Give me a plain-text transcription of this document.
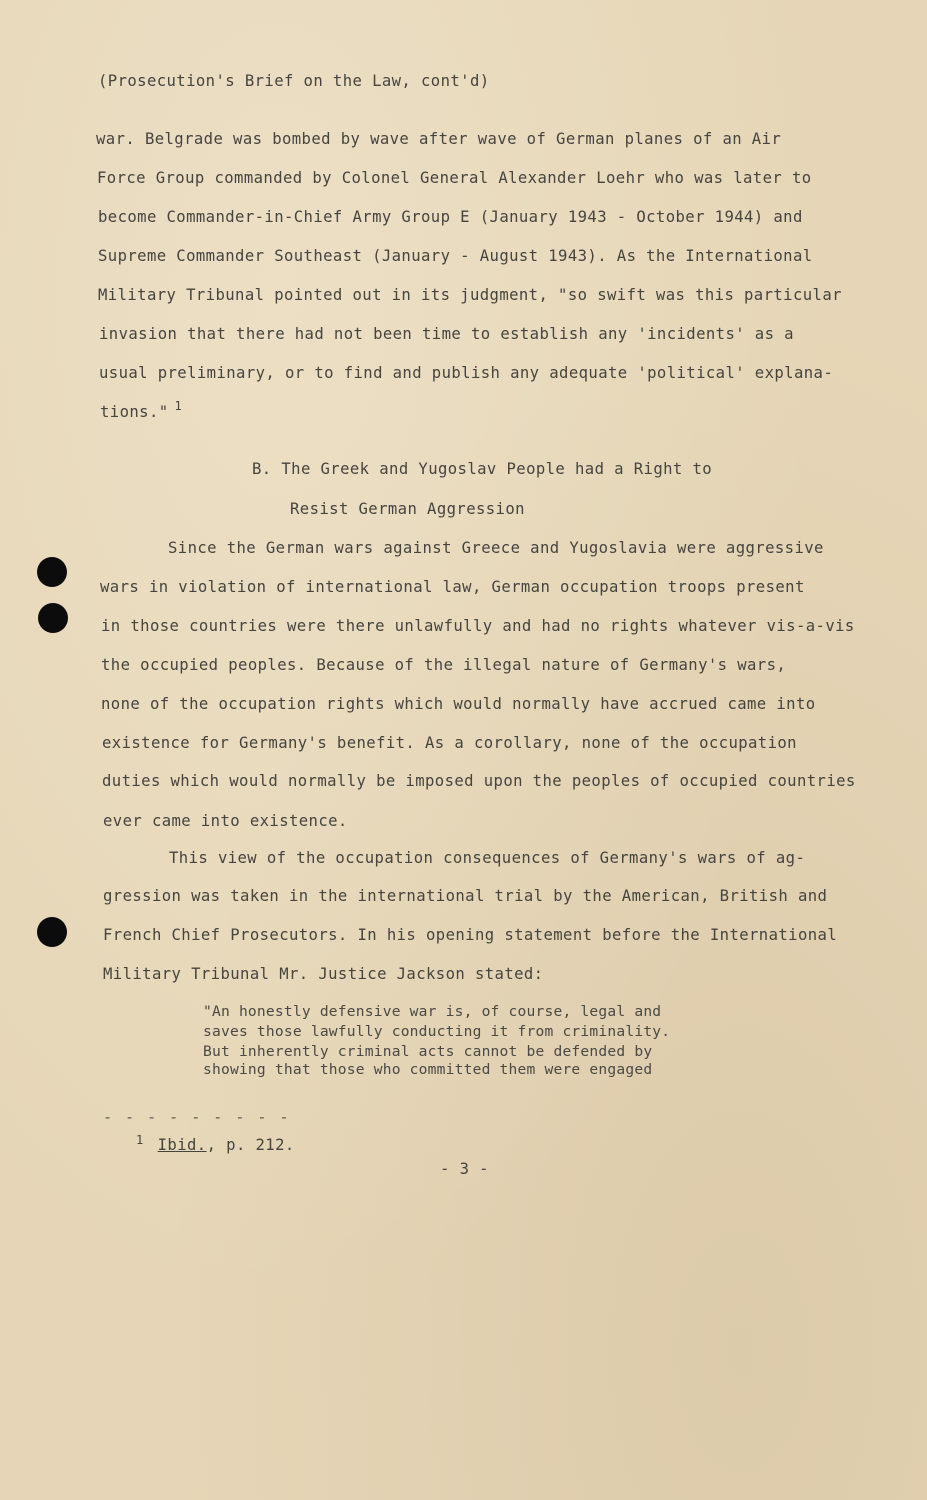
(Prosecution's Brief on the Law, cont'd)
war. Belgrade was bombed by wave after wave of German planes of an Air
Force Group commanded by Colonel General Alexander Loehr who was later to
become Commander-in-Chief Army Group E (January 1943 - October 1944) and
Supreme Commander Southeast (January - August 1943). As the International
Military Tribunal pointed out in its judgment, "so swift was this particular
invasion that there had not been time to establish any 'incidents' as a
usual preliminary, or to find and publish any adequate 'political' explana-
tions." $^1$
B. The Greek and Yugoslav People had a Right to
Resist German Aggression
Since the German wars against Greece and Yugoslavia were aggressive
wars in violation of international law, German occupation troops present
in those countries were there unlawfully and had no rights whatever vis-a-vis
the occupied peoples. Because of the illegal nature of Germany's wars,
none of the occupation rights which would normally have accrued came into
existence for Germany's benefit. As a corollary, none of the occupation
duties which would normally be imposed upon the peoples of occupied countries
ever came into existence.
This view of the occupation consequences of Germany's wars of ag-
gression was taken in the international trial by the American, British and
French Chief Prosecutors. In his opening statement before the International
Military Tribunal Mr. Justice Jackson stated:
"An honestly defensive war is, of course, legal and
saves those lawfully conducting it from criminality.
But inherently criminal acts cannot be defended by
showing that those who committed them were engaged
- - - - - - - - -
$^1$ Ibid., p. 212.
- 3 -
